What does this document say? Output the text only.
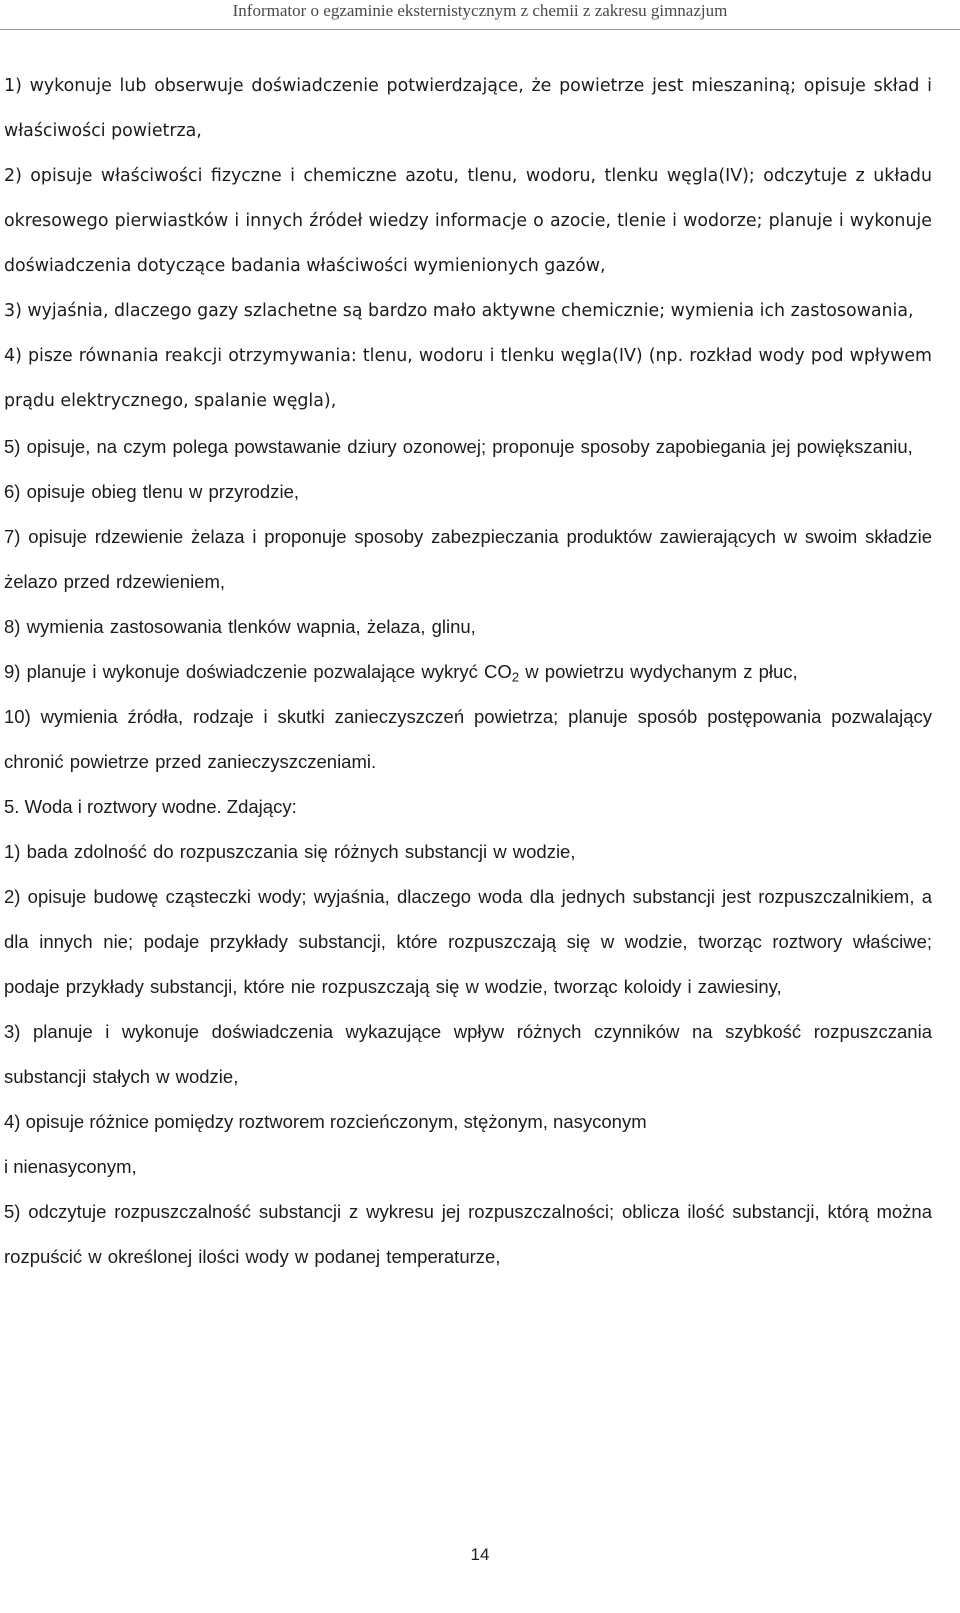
Informator o egzaminie eksternistycznym z chemii z zakresu gimnazjum

1) wykonuje lub obserwuje doświadczenie potwierdzające, że powietrze jest mieszaniną; opisuje skład i właściwości powietrza,

2) opisuje właściwości fizyczne i chemiczne azotu, tlenu, wodoru, tlenku węgla(IV); odczytuje z układu okresowego pierwiastków i innych źródeł wiedzy informacje o azocie, tlenie i wodorze; planuje i wykonuje doświadczenia dotyczące badania właściwości wymienionych gazów,

3) wyjaśnia, dlaczego gazy szlachetne są bardzo mało aktywne chemicznie; wymienia ich zastosowania,

4) pisze równania reakcji otrzymywania: tlenu, wodoru i tlenku węgla(IV) (np. rozkład wody pod wpływem prądu elektrycznego, spalanie węgla),

5) opisuje, na czym polega powstawanie dziury ozonowej; proponuje sposoby zapobiegania jej powiększaniu,

6) opisuje obieg tlenu w przyrodzie,

7) opisuje rdzewienie żelaza i proponuje sposoby zabezpieczania produktów zawierających w swoim składzie żelazo przed rdzewieniem,

8) wymienia zastosowania tlenków wapnia, żelaza, glinu,

9) planuje i wykonuje doświadczenie pozwalające wykryć $CO_2$ w powietrzu wydychanym z płuc,

10) wymienia źródła, rodzaje i skutki zanieczyszczeń powietrza; planuje sposób postępowania pozwalający chronić powietrze przed zanieczyszczeniami.

5. Woda i roztwory wodne. Zdający:

1) bada zdolność do rozpuszczania się różnych substancji w wodzie,

2) opisuje budowę cząsteczki wody; wyjaśnia, dlaczego woda dla jednych substancji jest rozpuszczalnikiem, a dla innych nie; podaje przykłady substancji, które rozpuszczają się w wodzie, tworząc roztwory właściwe; podaje przykłady substancji, które nie rozpuszczają się w wodzie, tworząc koloidy i zawiesiny,

3) planuje i wykonuje doświadczenia wykazujące wpływ różnych czynników na szybkość rozpuszczania substancji stałych w wodzie,

4) opisuje różnice pomiędzy roztworem rozcieńczonym, stężonym, nasyconym
i nienasyconym,

5) odczytuje rozpuszczalność substancji z wykresu jej rozpuszczalności; oblicza ilość substancji, którą można rozpuścić w określonej ilości wody w podanej temperaturze,

14
